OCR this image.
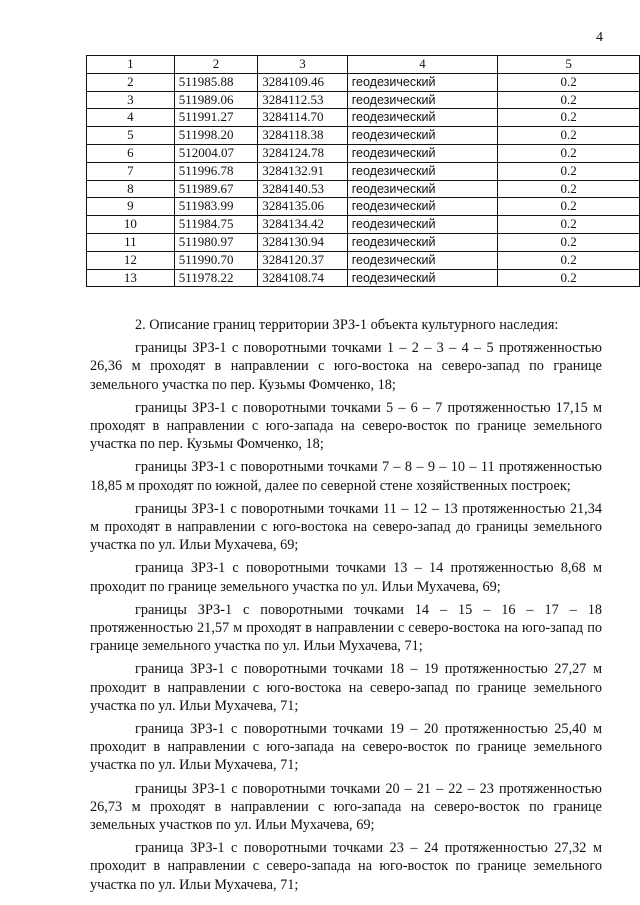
4
1	2	3	4	5
2	511985.88	3284109.46	геодезический	0.2
3	511989.06	3284112.53	геодезический	0.2
4	511991.27	3284114.70	геодезический	0.2
5	511998.20	3284118.38	геодезический	0.2
6	512004.07	3284124.78	геодезический	0.2
7	511996.78	3284132.91	геодезический	0.2
8	511989.67	3284140.53	геодезический	0.2
9	511983.99	3284135.06	геодезический	0.2
10	511984.75	3284134.42	геодезический	0.2
11	511980.97	3284130.94	геодезический	0.2
12	511990.70	3284120.37	геодезический	0.2
13	511978.22	3284108.74	геодезический	0.2

2. Описание границ территории ЗРЗ-1 объекта культурного наследия:

границы ЗРЗ-1 с поворотными точками 1 – 2 – 3 – 4 – 5 протяженностью 26,36 м проходят в направлении с юго-востока на северо-запад по границе земельного участка по пер. Кузьмы Фомченко, 18;

границы ЗРЗ-1 с поворотными точками 5 – 6 – 7 протяженностью 17,15 м проходят в направлении с юго-запада на северо-восток по границе земельного участка по пер. Кузьмы Фомченко, 18;

границы ЗРЗ-1 с поворотными точками 7 – 8 – 9 – 10 – 11 протяженностью 18,85 м проходят по южной, далее по северной стене хозяйственных построек;

границы ЗРЗ-1 с поворотными точками 11 – 12 – 13 протяженностью 21,34 м проходят в направлении с юго-востока на северо-запад до границы земельного участка по ул. Ильи Мухачева, 69;

граница ЗРЗ-1 с поворотными точками 13 – 14 протяженностью 8,68 м проходит по границе земельного участка по ул. Ильи Мухачева, 69;

границы ЗРЗ-1 с поворотными точками 14 – 15 – 16 – 17 – 18 протяженностью 21,57 м проходят в направлении с северо-востока на юго-запад по границе земельного участка по ул. Ильи Мухачева, 71;

граница ЗРЗ-1 с поворотными точками 18 – 19 протяженностью 27,27 м проходит в направлении с юго-востока на северо-запад по границе земельного участка по ул. Ильи Мухачева, 71;

граница ЗРЗ-1 с поворотными точками 19 – 20 протяженностью 25,40 м проходит в направлении с юго-запада на северо-восток по границе земельного участка по ул. Ильи Мухачева, 71;

границы ЗРЗ-1 с поворотными точками 20 – 21 – 22 – 23 протяженностью 26,73 м проходят в направлении с юго-запада на северо-восток по границе земельных участков по ул. Ильи Мухачева, 69;

граница ЗРЗ-1 с поворотными точками 23 – 24 протяженностью 27,32 м проходит в направлении с северо-запада на юго-восток по границе земельного участка по ул. Ильи Мухачева, 71;
